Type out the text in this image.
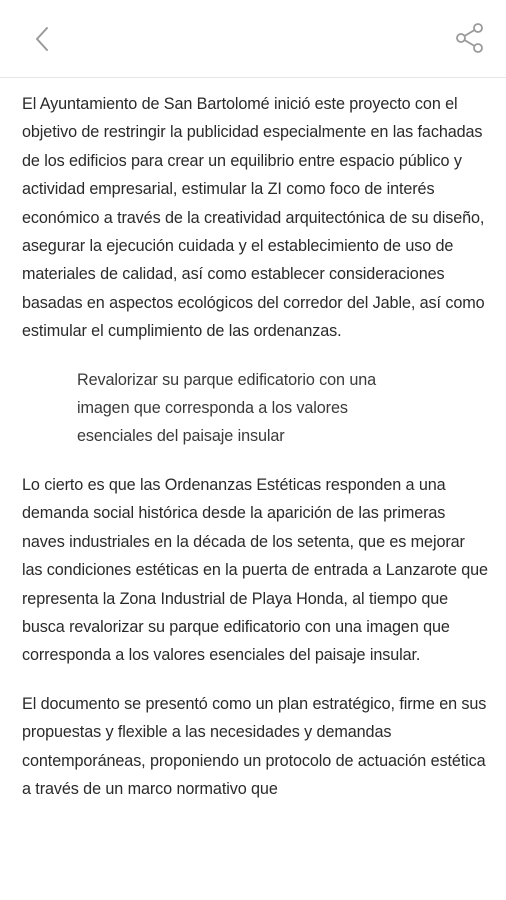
El Ayuntamiento de San Bartolomé inició este proyecto con el objetivo de restringir la publicidad especialmente en las fachadas de los edificios para crear un equilibrio entre espacio público y actividad empresarial, estimular la ZI como foco de interés económico a través de la creatividad arquitectónica de su diseño, asegurar la ejecución cuidada y el establecimiento de uso de materiales de calidad, así como establecer consideraciones basadas en aspectos ecológicos del corredor del Jable, así como estimular el cumplimiento de las ordenanzas.

Revalorizar su parque edificatorio con una imagen que corresponda a los valores esenciales del paisaje insular

Lo cierto es que las Ordenanzas Estéticas responden a una demanda social histórica desde la aparición de las primeras naves industriales en la década de los setenta, que es mejorar las condiciones estéticas en la puerta de entrada a Lanzarote que representa la Zona Industrial de Playa Honda, al tiempo que busca revalorizar su parque edificatorio con una imagen que corresponda a los valores esenciales del paisaje insular.

El documento se presentó como un plan estratégico, firme en sus propuestas y flexible a las necesidades y demandas contemporáneas, proponiendo un protocolo de actuación estética a través de un marco normativo que
